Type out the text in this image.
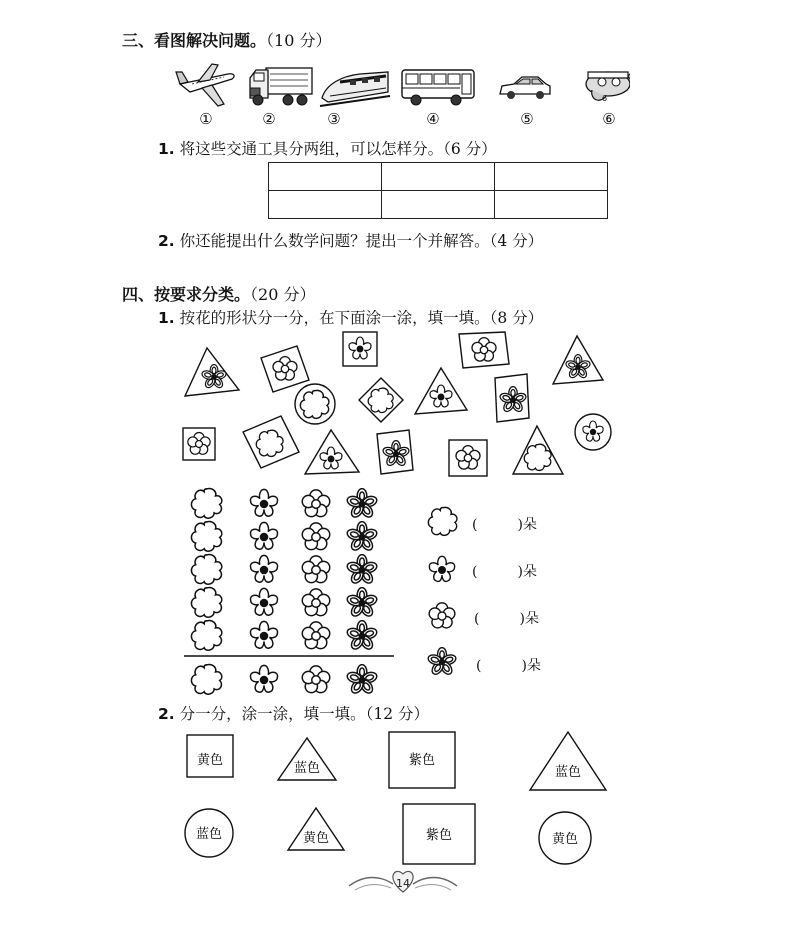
三、看图解决问题。（10 分）
6
①	②	③	④	⑤	⑥
1. 将这些交通工具分两组，可以怎样分。（6 分）

2. 你还能提出什么数学问题？提出一个并解答。（4 分）
四、按要求分类。（20 分）
1. 按花的形状分一分，在下面涂一涂，填一填。（8 分）
(	)朵
(	)朵
(	)朵
(	)朵
2. 分一分，涂一涂，填一填。（12 分）
黄色
蓝色
紫色
蓝色
蓝色	黄色	紫色	黄色
14
